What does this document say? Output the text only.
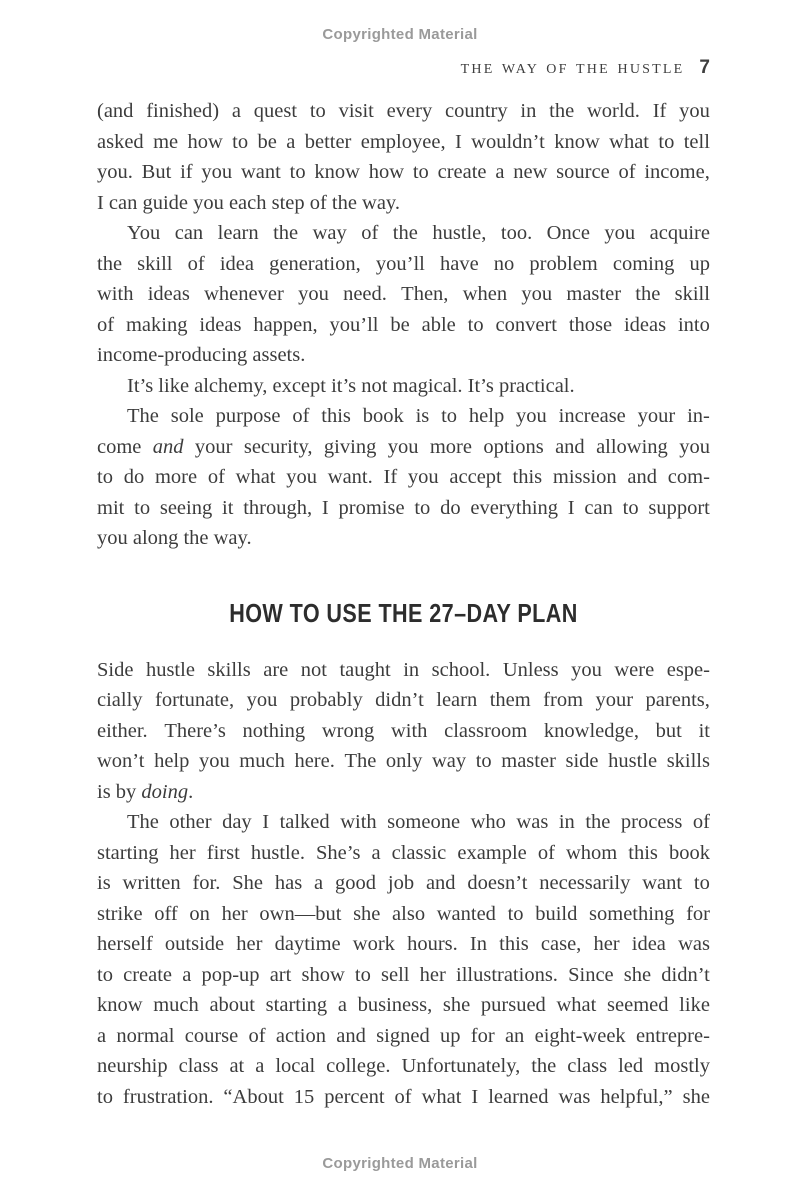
Copyrighted Material
THE WAY OF THE HUSTLE 7
(and finished) a quest to visit every country in the world. If you
asked me how to be a better employee, I wouldn’t know what to tell
you. But if you want to know how to create a new source of income,
I can guide you each step of the way.
You can learn the way of the hustle, too. Once you acquire
the skill of idea generation, you’ll have no problem coming up
with ideas whenever you need. Then, when you master the skill
of making ideas happen, you’ll be able to convert those ideas into
income-producing assets.
It’s like alchemy, except it’s not magical. It’s practical.
The sole purpose of this book is to help you increase your in-
come and your security, giving you more options and allowing you
to do more of what you want. If you accept this mission and com-
mit to seeing it through, I promise to do everything I can to support
you along the way.
HOW TO USE THE 27–DAY PLAN
Side hustle skills are not taught in school. Unless you were espe-
cially fortunate, you probably didn’t learn them from your parents,
either. There’s nothing wrong with classroom knowledge, but it
won’t help you much here. The only way to master side hustle skills
is by doing.
The other day I talked with someone who was in the process of
starting her first hustle. She’s a classic example of whom this book
is written for. She has a good job and doesn’t necessarily want to
strike off on her own—but she also wanted to build something for
herself outside her daytime work hours. In this case, her idea was
to create a pop-up art show to sell her illustrations. Since she didn’t
know much about starting a business, she pursued what seemed like
a normal course of action and signed up for an eight-week entrepre-
neurship class at a local college. Unfortunately, the class led mostly
to frustration. “About 15 percent of what I learned was helpful,” she
Copyrighted Material
